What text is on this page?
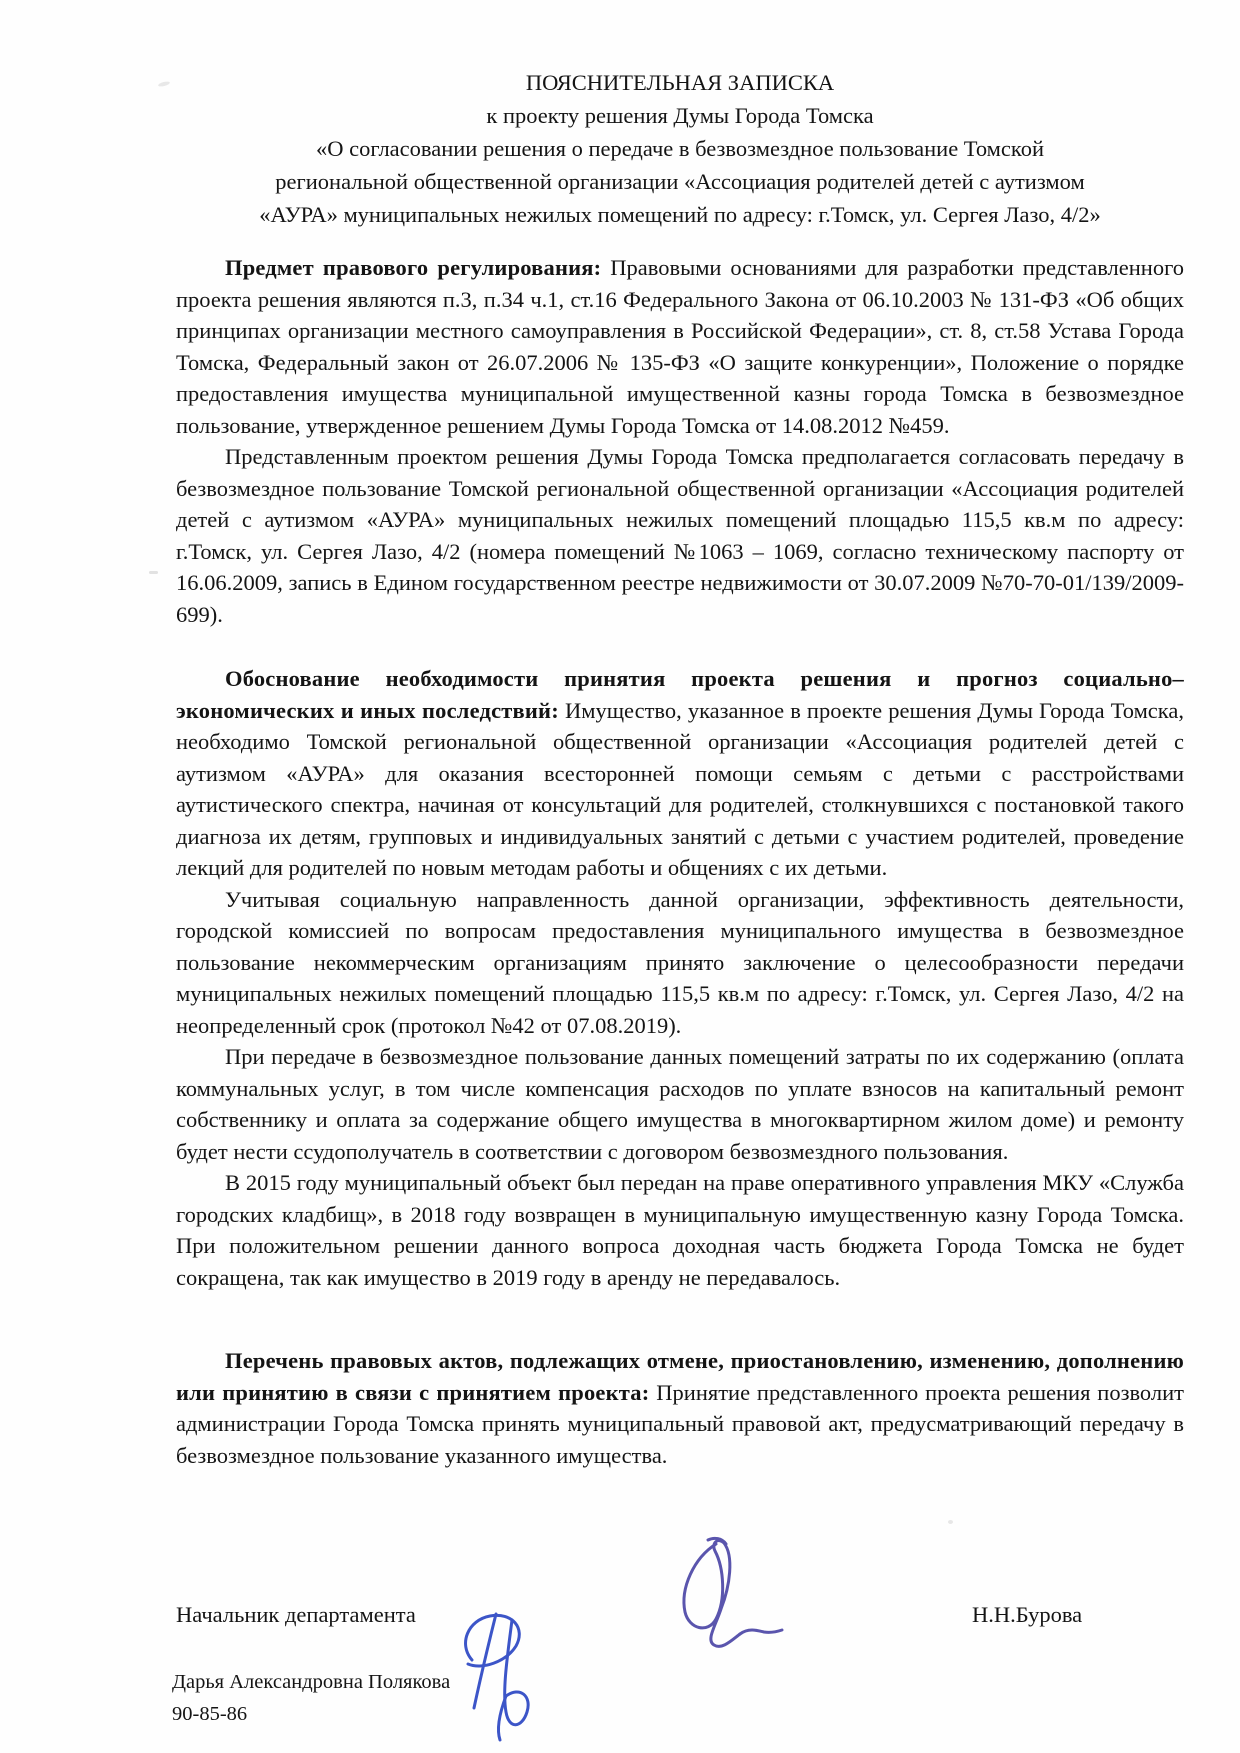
ПОЯСНИТЕЛЬНАЯ ЗАПИСКА
к проекту решения Думы Города Томска
«О согласовании решения о передаче в безвозмездное пользование Томской
региональной общественной организации «Ассоциация родителей детей с аутизмом
«АУРА» муниципальных нежилых помещений по адресу: г.Томск, ул. Сергея Лазо, 4/2»

Предмет правового регулирования: Правовыми основаниями для разработки представленного проекта решения являются п.3, п.34 ч.1, ст.16 Федерального Закона от 06.10.2003 № 131-ФЗ «Об общих принципах организации местного самоуправления в Российской Федерации», ст. 8, ст.58 Устава Города Томска, Федеральный закон от 26.07.2006 № 135-ФЗ «О защите конкуренции», Положение о порядке предоставления имущества муниципальной имущественной казны города Томска в безвозмездное пользование, утвержденное решением Думы Города Томска от 14.08.2012 №459.

Представленным проектом решения Думы Города Томска предполагается согласовать передачу в безвозмездное пользование Томской региональной общественной организации «Ассоциация родителей детей с аутизмом «АУРА» муниципальных нежилых помещений площадью 115,5 кв.м по адресу: г.Томск, ул. Сергея Лазо, 4/2 (номера помещений №1063 – 1069, согласно техническому паспорту от 16.06.2009, запись в Едином государственном реестре недвижимости от 30.07.2009 №70-70-01/139/2009-699).

Обоснование необходимости принятия проекта решения и прогноз социально–экономических и иных последствий: Имущество, указанное в проекте решения Думы Города Томска, необходимо Томской региональной общественной организации «Ассоциация родителей детей с аутизмом «АУРА» для оказания всесторонней помощи семьям с детьми с расстройствами аутистического спектра, начиная от консультаций для родителей, столкнувшихся с постановкой такого диагноза их детям, групповых и индивидуальных занятий с детьми с участием родителей, проведение лекций для родителей по новым методам работы и общениях с их детьми.

Учитывая социальную направленность данной организации, эффективность деятельности, городской комиссией по вопросам предоставления муниципального имущества в безвозмездное пользование некоммерческим организациям принято заключение о целесообразности передачи муниципальных нежилых помещений площадью 115,5 кв.м по адресу: г.Томск, ул. Сергея Лазо, 4/2 на неопределенный срок (протокол №42 от 07.08.2019).

При передаче в безвозмездное пользование данных помещений затраты по их содержанию (оплата коммунальных услуг, в том числе компенсация расходов по уплате взносов на капитальный ремонт собственнику и оплата за содержание общего имущества в многоквартирном жилом доме) и ремонту будет нести ссудополучатель в соответствии с договором безвозмездного пользования.

В 2015 году муниципальный объект был передан на праве оперативного управления МКУ «Служба городских кладбищ», в 2018 году возвращен в муниципальную имущественную казну Города Томска. При положительном решении данного вопроса доходная часть бюджета Города Томска не будет сокращена, так как имущество в 2019 году в аренду не передавалось.

Перечень правовых актов, подлежащих отмене, приостановлению, изменению, дополнению или принятию в связи с принятием проекта: Принятие представленного проекта решения позволит администрации Города Томска принять муниципальный правовой акт, предусматривающий передачу в безвозмездное пользование указанного имущества.

Начальник департамента	Н.Н.Бурова
Дарья Александровна Полякова
90-85-86
